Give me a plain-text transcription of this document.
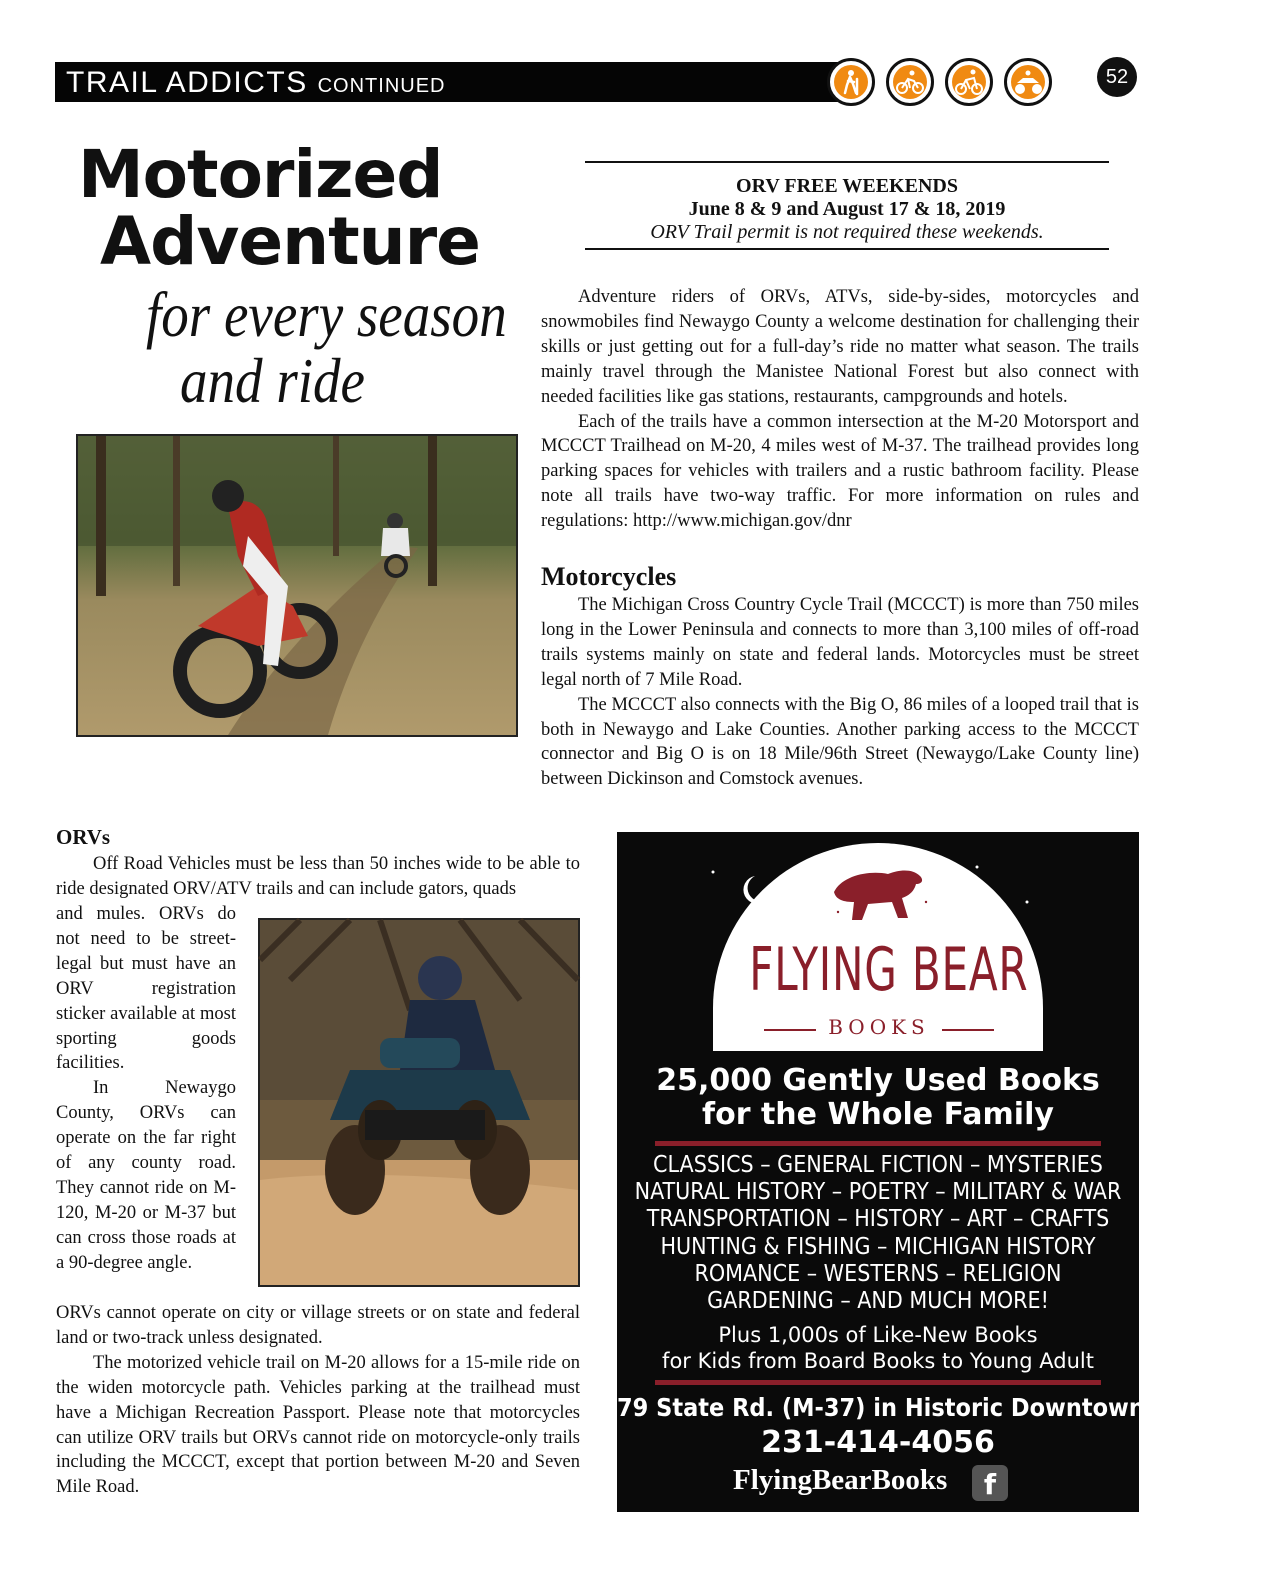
TRAIL ADDICTS CONTINUED	52
Motorized
Adventure
for every season
and ride
ORV FREE WEEKENDS
June 8 & 9 and August 17 & 18, 2019
ORV Trail permit is not required these weekends.

Adventure riders of ORVs, ATVs, side-by-sides, motorcycles and snowmobiles find Newaygo County a welcome destination for challenging their skills or just getting out for a full-day’s ride no matter what season. The trails mainly travel through the Manistee National Forest but also connect with needed facilities like gas stations, restaurants, campgrounds and hotels.

Each of the trails have a common intersection at the M-20 Motorsport and MCCCT Trailhead on M-20, 4 miles west of M-37. The trailhead provides long parking spaces for vehicles with trailers and a rustic bathroom facility. Please note all trails have two-way traffic. For more information on rules and regulations: http://www.michigan.gov/dnr

Motorcycles

The Michigan Cross Country Cycle Trail (MCCCT) is more than 750 miles long in the Lower Peninsula and connects to more than 3,100 miles of off-road trails systems mainly on state and federal lands. Motorcycles must be street legal north of 7 Mile Road.

The MCCCT also connects with the Big O, 86 miles of a looped trail that is both in Newaygo and Lake Counties. Another parking access to the MCCCT connector and Big O is on 18 Mile/96th Street (Newaygo/Lake County line) between Dickinson and Comstock avenues.

ORVs

Off Road Vehicles must be less than 50 inches wide to be able to ride designated ORV/ATV trails and can include gators, quads

and mules. ORVs do not need to be street-legal but must have an ORV registration sticker available at most sporting goods facilities.

In Newaygo County, ORVs can operate on the far right of any county road. They cannot ride on M-120, M-20 or M-37 but can cross those roads at a 90-degree angle.

ORVs cannot operate on city or village streets or on state and federal land or two-track unless designated.

The motorized vehicle trail on M-20 allows for a 15-mile ride on the widen motorcycle path. Vehicles parking at the trailhead must have a Michigan Recreation Passport. Please note that motorcycles can utilize ORV trails but ORVs cannot ride on motorcycle-only trails including the MCCCT, except that portion between M-20 and Seven Mile Road.

FLYING BEAR
BOOKS
25,000 Gently Used Books
for the Whole Family
CLASSICS – GENERAL FICTION – MYSTERIES
NATURAL HISTORY – POETRY – MILITARY & WAR
TRANSPORTATION – HISTORY – ART – CRAFTS
HUNTING & FISHING – MICHIGAN HISTORY
ROMANCE – WESTERNS – RELIGION
GARDENING – AND MUCH MORE!
Plus 1,000s of Like-New Books
for Kids from Board Books to Young Adult
79 State Rd. (M-37) in Historic Downtown Newaygo
231-414-4056
FlyingBearBooks	f
